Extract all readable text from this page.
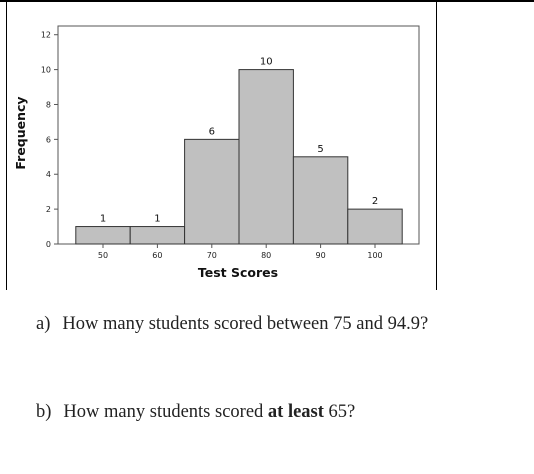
1	1
6
10
5
2
0
2
4
6
8
10
12
50	60	70	80	90	100
Test Scores
Frequency
a) How many students scored between 75 and 94.9?
b) How many students scored at least 65?
